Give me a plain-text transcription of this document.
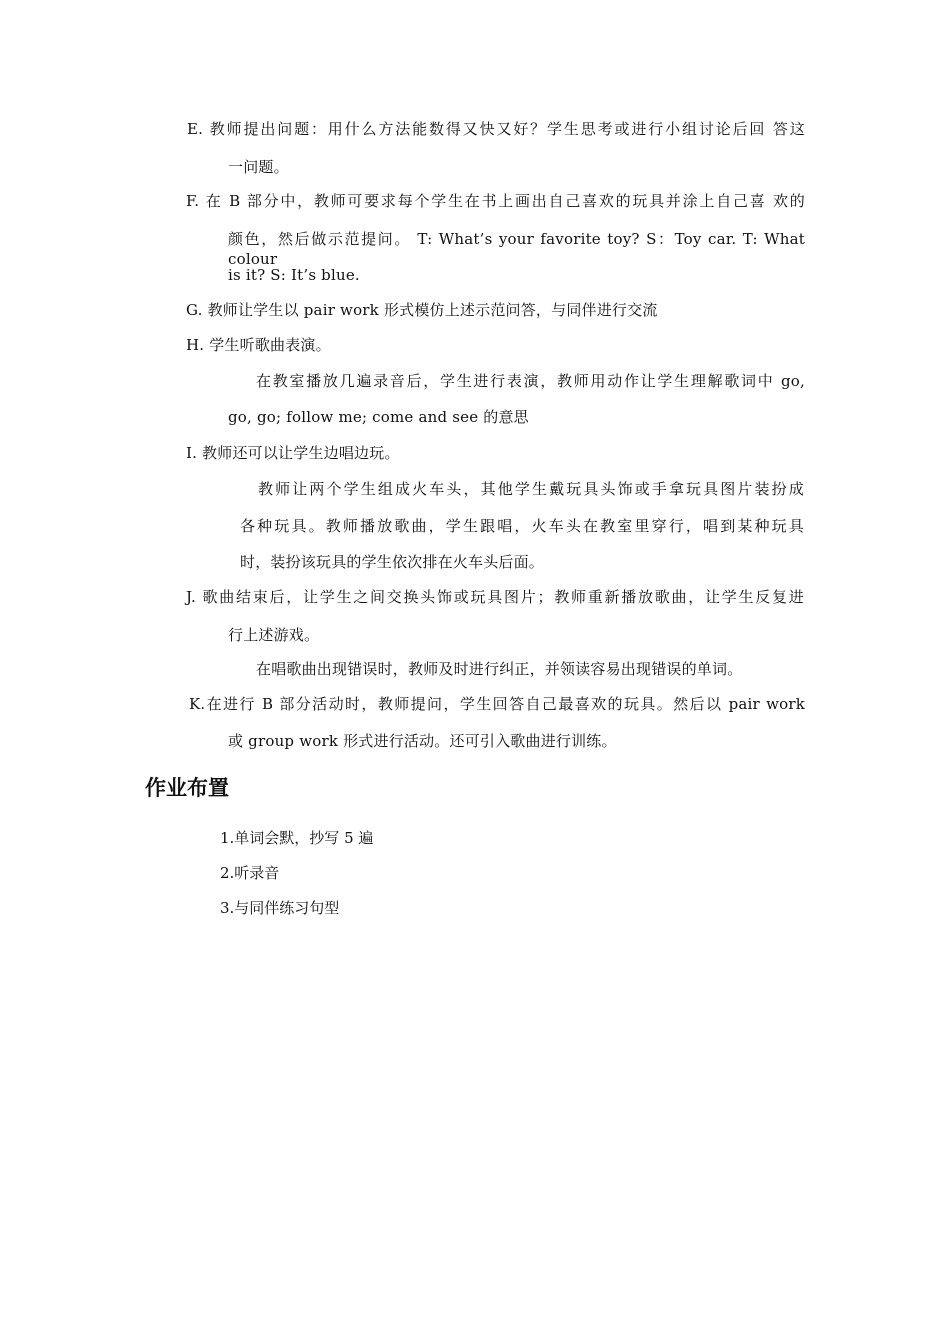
E. 教师提出问题：用什么方法能数得又快又好？学生思考或进行小组讨论后回 答这
一问题。
F. 在 B 部分中，教师可要求每个学生在书上画出自己喜欢的玩具并涂上自己喜 欢的
颜色，然后做示范提问。 T: What’s your favorite toy? S：Toy car. T: What colour
is it? S: It’s blue.
G. 教师让学生以 pair work 形式模仿上述示范问答，与同伴进行交流
H. 学生听歌曲表演。
在教室播放几遍录音后，学生进行表演，教师用动作让学生理解歌词中 go,
go, go; follow me; come and see 的意思
I. 教师还可以让学生边唱边玩。
教师让两个学生组成火车头，其他学生戴玩具头饰或手拿玩具图片装扮成
各种玩具。教师播放歌曲，学生跟唱，火车头在教室里穿行，唱到某种玩具
时，装扮该玩具的学生依次排在火车头后面。
J. 歌曲结束后，让学生之间交换头饰或玩具图片；教师重新播放歌曲，让学生反复进
行上述游戏。
在唱歌曲出现错误时，教师及时进行纠正，并领读容易出现错误的单词。
K.在进行 B 部分活动时，教师提问，学生回答自己最喜欢的玩具。然后以 pair work
或 group work 形式进行活动。还可引入歌曲进行训练。
作业布置
1.单词会默，抄写 5 遍
2.听录音
3.与同伴练习句型
